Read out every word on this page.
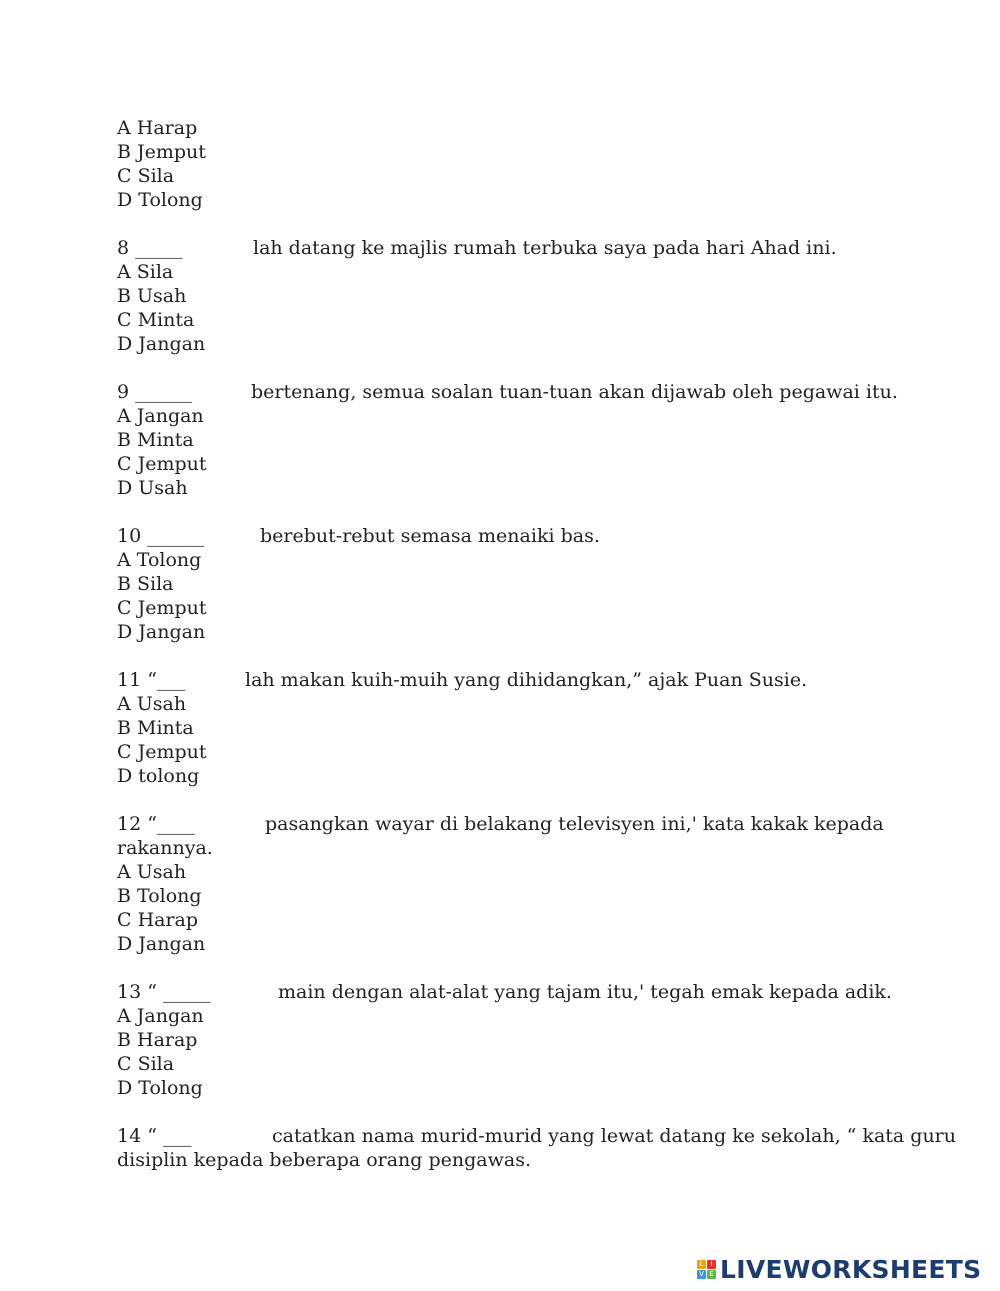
A Harap
B Jemput
C Sila
D Tolong
8 _____	lah datang ke majlis rumah terbuka saya pada hari Ahad ini.
A Sila
B Usah
C Minta
D Jangan
9 ______	bertenang, semua soalan tuan-tuan akan dijawab oleh pegawai itu.
A Jangan
B Minta
C Jemput
D Usah
10 ______	berebut-rebut semasa menaiki bas.
A Tolong
B Sila
C Jemput
D Jangan
11 “___	lah makan kuih-muih yang dihidangkan,” ajak Puan Susie.
A Usah
B Minta
C Jemput
D tolong
12 “____	pasangkan wayar di belakang televisyen ini,' kata kakak kepada
rakannya.
A Usah
B Tolong
C Harap
D Jangan
13 “ _____	main dengan alat-alat yang tajam itu,' tegah emak kepada adik.
A Jangan
B Harap
C Sila
D Tolong
14 “ ___	catatkan nama murid-murid yang lewat datang ke sekolah, “ kata guru
disiplin kepada beberapa orang pengawas.
L	I
V E LIVEWORKSHEETS
